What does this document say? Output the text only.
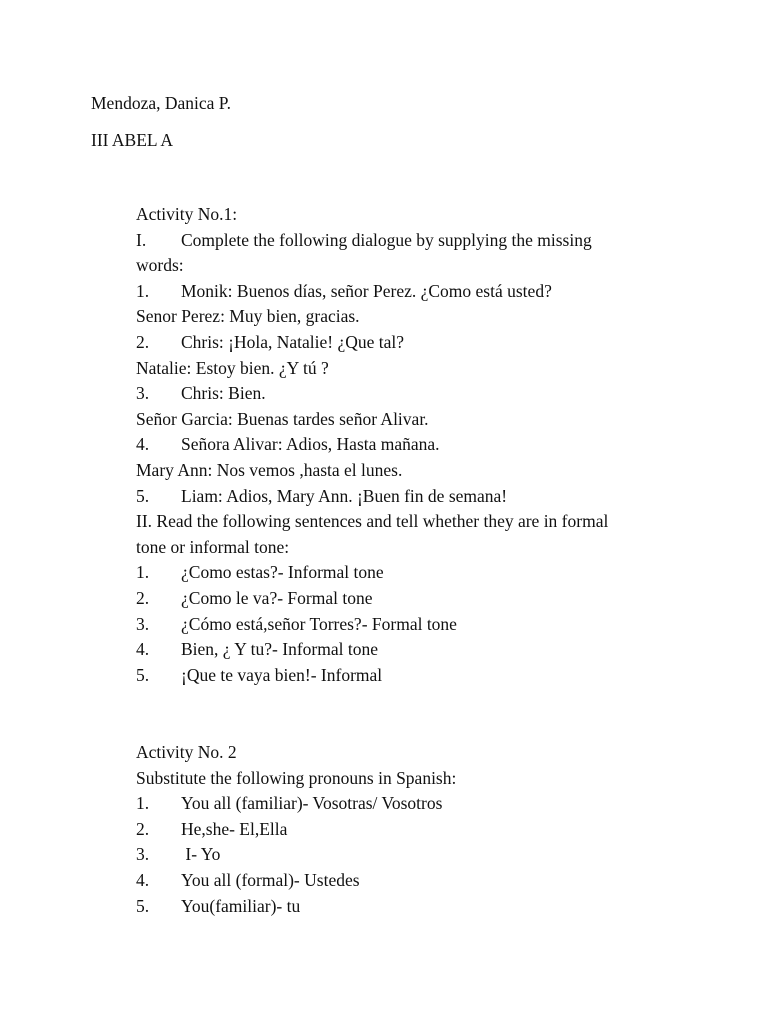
Mendoza, Danica P.
III ABEL A
Activity No.1:
I.	Complete the following dialogue by supplying the missing
words:
1.	Monik: Buenos días, señor Perez. ¿Como está usted?
Senor Perez: Muy bien, gracias.
2.	Chris: ¡Hola, Natalie! ¿Que tal?
Natalie: Estoy bien. ¿Y tú ?
3.	Chris: Bien.
Señor Garcia: Buenas tardes señor Alivar.
4.	Señora Alivar: Adios, Hasta mañana.
Mary Ann: Nos vemos ,hasta el lunes.
5.	Liam: Adios, Mary Ann. ¡Buen fin de semana!
II. Read the following sentences and tell whether they are in formal
tone or informal tone:
1.	¿Como estas?- Informal tone
2.	¿Como le va?- Formal tone
3.	¿Cómo está,señor Torres?- Formal tone
4.	Bien, ¿ Y tu?- Informal tone
5.	¡Que te vaya bien!- Informal
Activity No. 2
Substitute the following pronouns in Spanish:
1.	You all (familiar)- Vosotras/ Vosotros
2.	He,she- El,Ella
3.	I- Yo
4.	You all (formal)- Ustedes
5.	You(familiar)- tu
